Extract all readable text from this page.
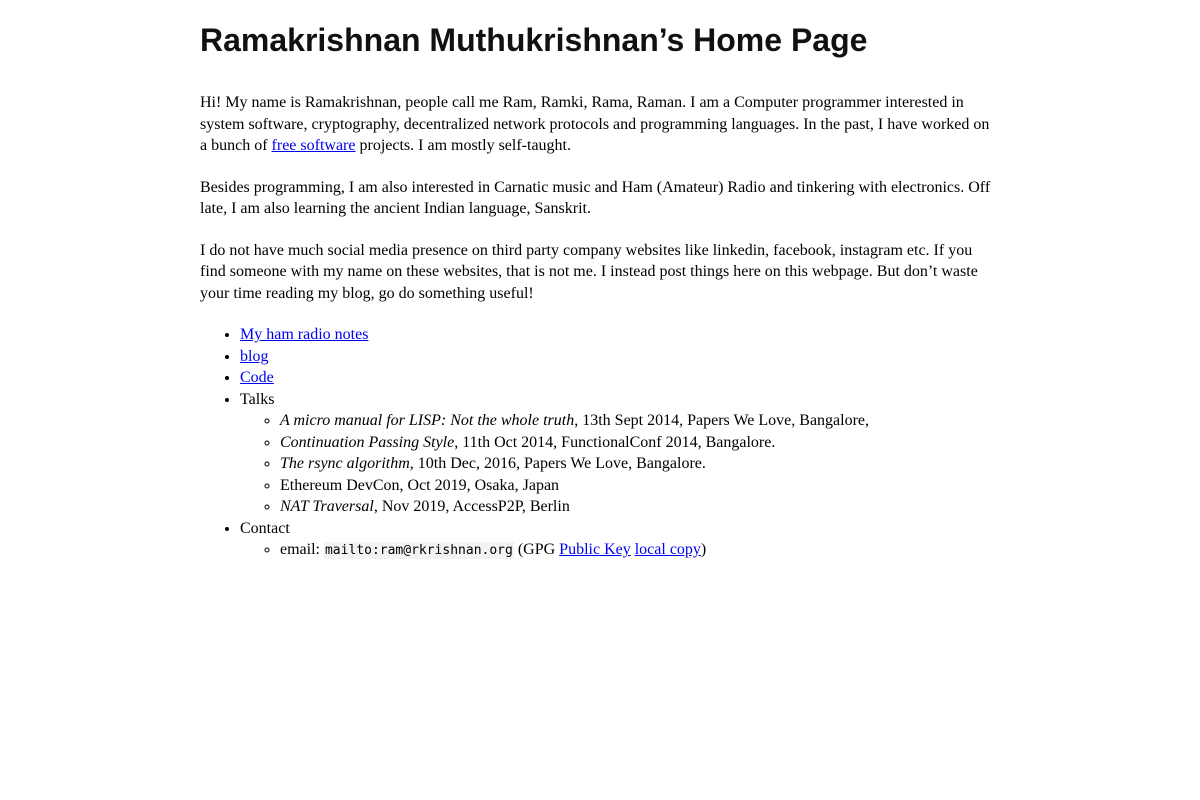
Ramakrishnan Muthukrishnan’s Home Page

Hi! My name is Ramakrishnan, people call me Ram, Ramki, Rama, Raman. I am a Computer programmer interested in system software, cryptography, decentralized network protocols and programming languages. In the past, I have worked on a bunch of free software projects. I am mostly self-taught.

Besides programming, I am also interested in Carnatic music and Ham (Amateur) Radio and tinkering with electronics. Off late, I am also learning the ancient Indian language, Sanskrit.

I do not have much social media presence on third party company websites like linkedin, facebook, instagram etc. If you find someone with my name on these websites, that is not me. I instead post things here on this webpage. But don’t waste your time reading my blog, go do something useful!

• My ham radio notes
• blog
• Code
• Talks
◦ A micro manual for LISP: Not the whole truth, 13th Sept 2014, Papers We Love, Bangalore,
◦ Continuation Passing Style, 11th Oct 2014, FunctionalConf 2014, Bangalore.
◦ The rsync algorithm, 10th Dec, 2016, Papers We Love, Bangalore.
◦ Ethereum DevCon, Oct 2019, Osaka, Japan
◦ NAT Traversal, Nov 2019, AccessP2P, Berlin
• Contact
◦ email: mailto:ram@rkrishnan.org (GPG Public Key local copy)
